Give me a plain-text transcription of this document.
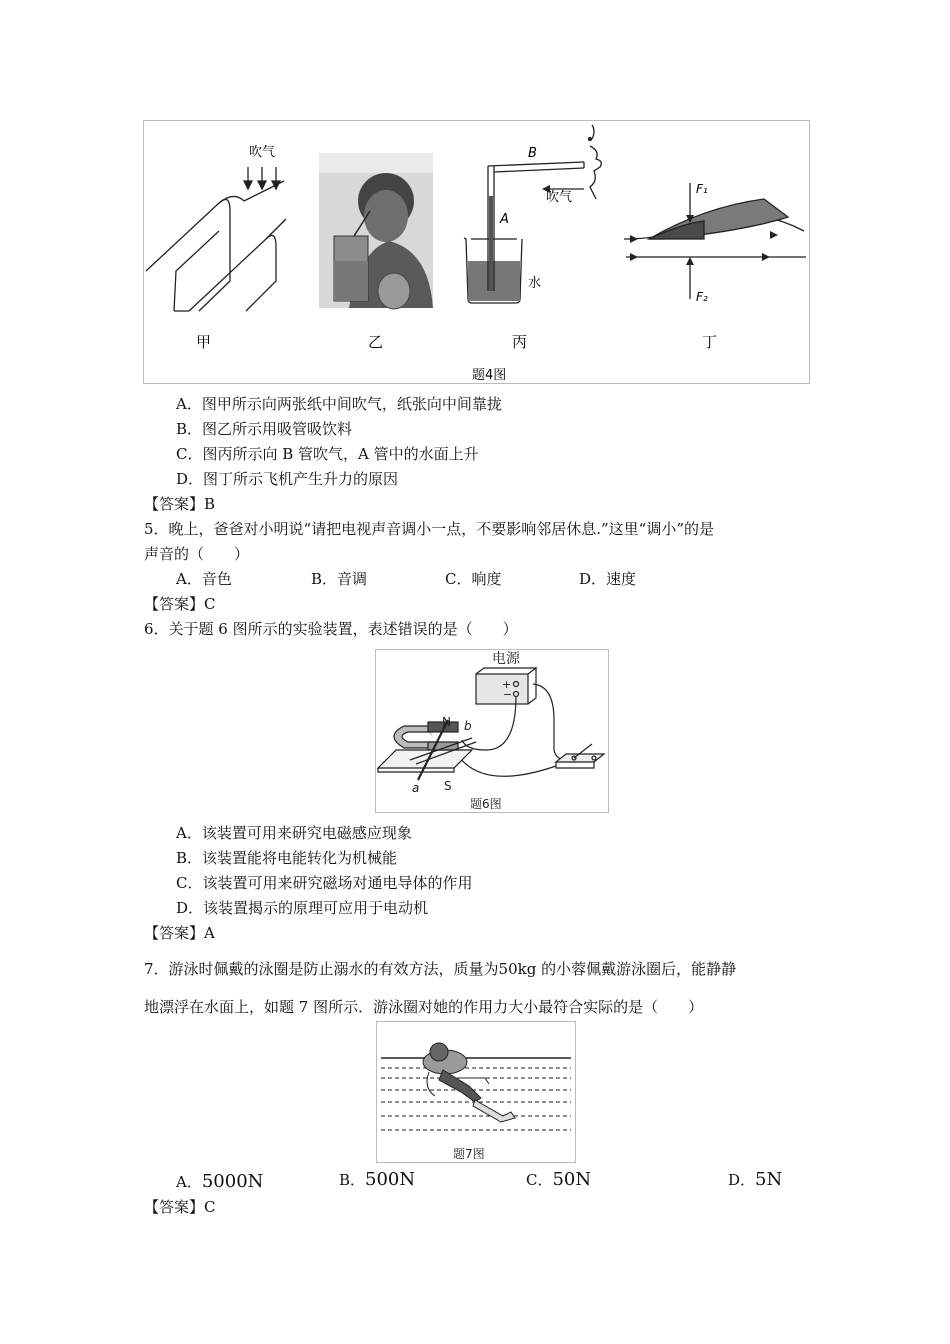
吹气	B
吹气
A
水
F₁
F₂
甲	乙	丙	丁
题4图
A．图甲所示向两张纸中间吹气，纸张向中间靠拢
B．图乙所示用吸管吸饮料
C．图丙所示向 B 管吹气，A 管中的水面上升
D．图丁所示飞机产生升力的原因
【答案】B
5．晚上，爸爸对小明说“请把电视声音调小一点，不要影响邻居休息.”这里“调小”的是
声音的（　　）
A．音色	B．音调	C．响度	D．速度
【答案】C
6．关于题 6 图所示的实验装置，表述错误的是（　　）
电源
+
−
N b
S
a
题6图
A．该装置可用来研究电磁感应现象
B．该装置能将电能转化为机械能
C．该装置可用来研究磁场对通电导体的作用
D．该装置揭示的原理可应用于电动机
【答案】A
7．游泳时佩戴的泳圈是防止溺水的有效方法，质量为50kg 的小蓉佩戴游泳圈后，能静静
地漂浮在水面上，如题 7 图所示．游泳圈对她的作用力大小最符合实际的是（　　）
题7图
A．5000N	B．500N	C．50N	D．5N
【答案】C
